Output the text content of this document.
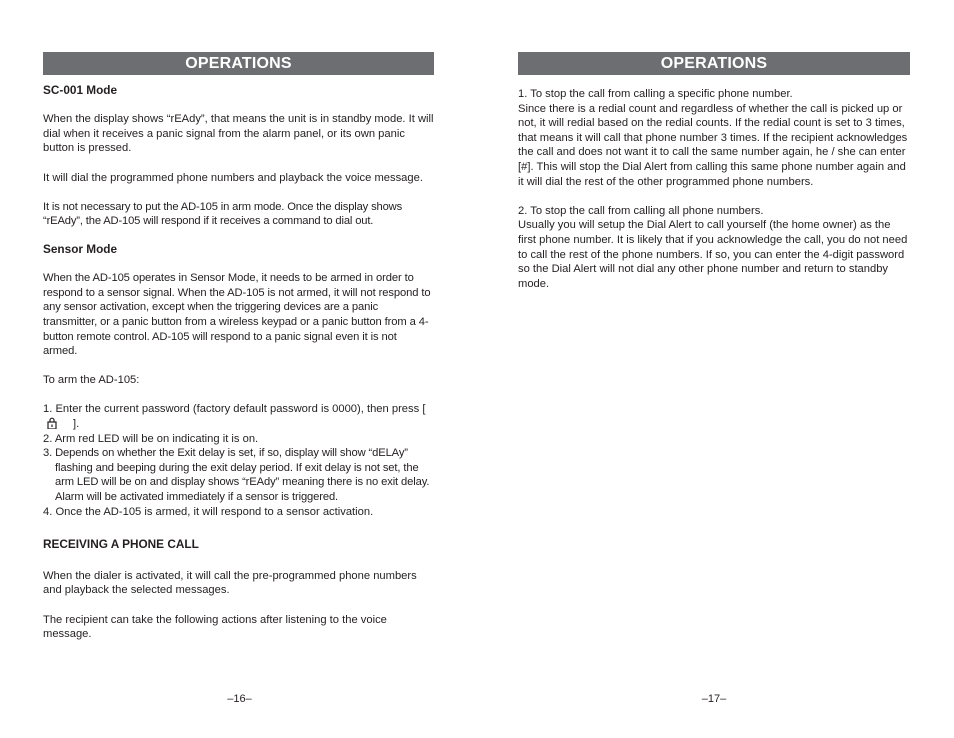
OPERATIONS
SC-001 Mode

When the display shows “rEAdy”, that means the unit is in standby mode. It will dial when it receives a panic signal from the alarm panel, or its own panic button is pressed.

It will dial the programmed phone numbers and playback the voice message.

It is not necessary to put the AD-105 in arm mode. Once the display shows “rEAdy”, the AD-105 will respond if it receives a command to dial out.

Sensor Mode

When the AD-105 operates in Sensor Mode, it needs to be armed in order to respond to a sensor signal. When the AD-105 is not armed, it will not respond to any sensor activation, except when the triggering devices are a panic transmitter, or a panic button from a wireless keypad or a panic button from a 4-button remote control. AD-105 will respond to a panic signal even it is not armed.

To arm the AD-105:

1. Enter the current password (factory default password is 0000), then press [].
2. Arm red LED will be on indicating it is on.
3. Depends on whether the Exit delay is set, if so, display will show “dELAy” flashing and beeping during the exit delay period. If exit delay is not set, the arm LED will be on and display shows “rEAdy” meaning there is no exit delay. Alarm will be activated immediately if a sensor is triggered.
4. Once the AD-105 is armed, it will respond to a sensor activation.
RECEIVING A PHONE CALL

When the dialer is activated, it will call the pre-programmed phone numbers and playback the selected messages.

The recipient can take the following actions after listening to the voice message.

–16–
OPERATIONS

1. To stop the call from calling a specific phone number.

Since there is a redial count and regardless of whether the call is picked up or not, it will redial based on the redial counts. If the redial count is set to 3 times, that means it will call that phone number 3 times. If the recipient acknowledges the call and does not want it to call the same number again, he / she can enter [#]. This will stop the Dial Alert from calling this same phone number again and it will dial the rest of the other programmed phone numbers.

2. To stop the call from calling all phone numbers.

Usually you will setup the Dial Alert to call yourself (the home owner) as the first phone number. It is likely that if you acknowledge the call, you do not need to call the rest of the phone numbers. If so, you can enter the 4-digit password so the Dial Alert will not dial any other phone number and return to standby mode.

–17–
